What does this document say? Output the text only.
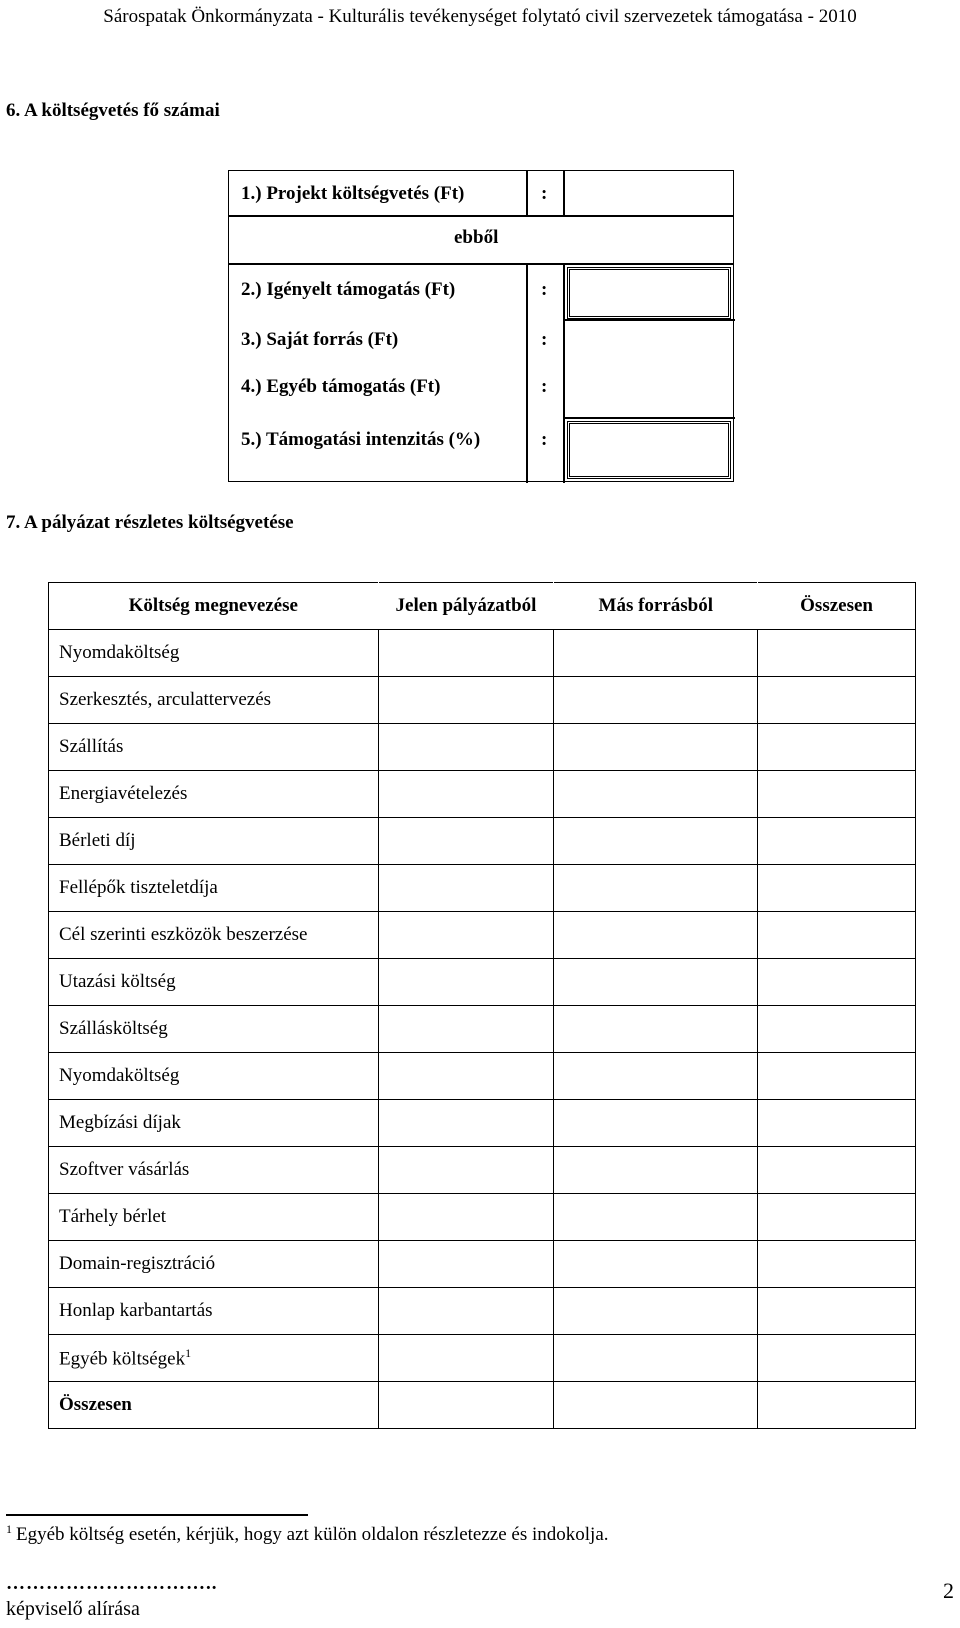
Sárospatak Önkormányzata - Kulturális tevékenységet folytató civil szervezetek támogatása - 2010
6. A költségvetés fő számai
1.) Projekt költségvetés (Ft)	:
ebből
2.) Igényelt támogatás (Ft)	:
3.) Saját forrás (Ft)	:
4.) Egyéb támogatás (Ft)	:
5.) Támogatási intenzitás (%)	:
7. A pályázat részletes költségvetése
Költség megnevezése	Jelen pályázatból	Más forrásból	Összesen
Nyomdaköltség			
Szerkesztés, arculattervezés			
Szállítás			
Energiavételezés			
Bérleti díj			
Fellépők tiszteletdíja			
Cél szerinti eszközök beszerzése			
Utazási költség			
Szállásköltség			
Nyomdaköltség			
Megbízási díjak			
Szoftver vásárlás			
Tárhely bérlet			
Domain-regisztráció			
Honlap karbantartás			
Egyéb költségek$^1$			
Összesen			
$^1$ Egyéb költség esetén, kérjük, hogy azt külön oldalon részletezze és indokolja.
…………………………..
képviselő alírása
2
